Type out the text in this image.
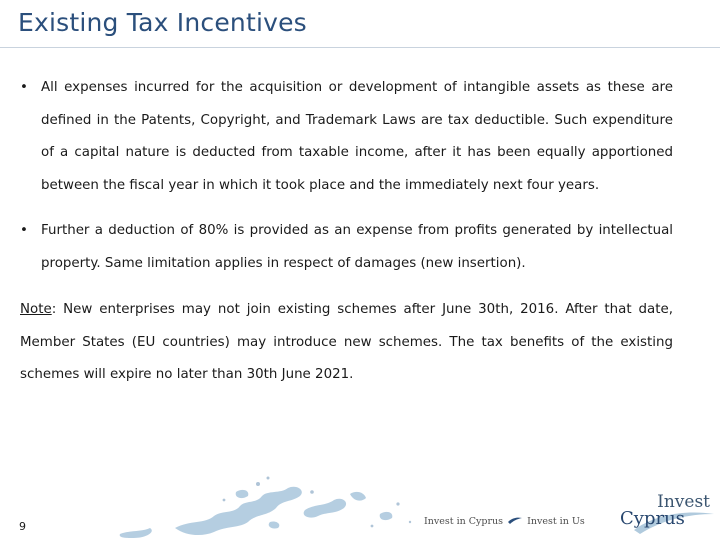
Existing Tax Incentives
• All expenses incurred for the acquisition or development of intangible assets as these are defined in the Patents, Copyright, and Trademark Laws are tax deductible. Such expenditure of a capital nature is deducted from taxable income, after it has been equally apportioned between the fiscal year in which it took place and the immediately next four years.
• Further a deduction of 80% is provided as an expense from profits generated by intellectual property. Same limitation applies in respect of damages (new insertion).
Note: New enterprises may not join existing schemes after June 30th, 2016. After that date, Member States (EU countries) may introduce new schemes. The tax benefits of the existing schemes will expire no later than 30th June 2021.
9	Invest in Cyprus	Invest in Us
Invest
Cyprus
